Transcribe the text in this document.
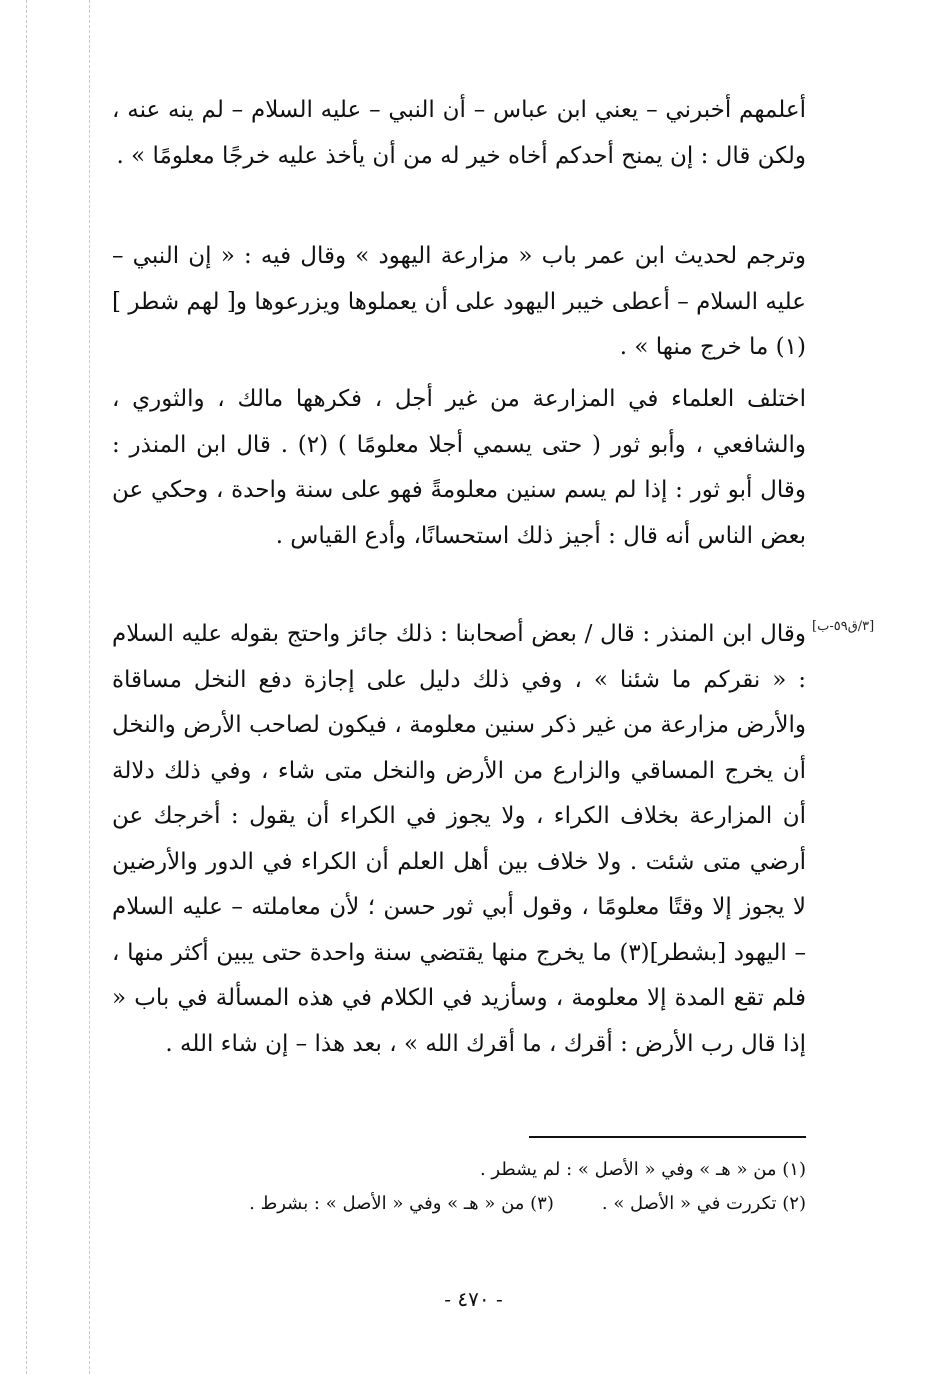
أعلمهم أخبرني – يعني ابن عباس – أن النبي – عليه السلام – لم ينه عنه ، ولكن قال : إن يمنح أحدكم أخاه خير له من أن يأخذ عليه خرجًا معلومًا » .

وترجم لحديث ابن عمر باب « مزارعة اليهود » وقال فيه : « إن النبي – عليه السلام – أعطى خيبر اليهود على أن يعملوها ويزرعوها و[ لهم شطر ] (١) ما خرج منها » .

اختلف العلماء في المزارعة من غير أجل ، فكرهها مالك ، والثوري ، والشافعي ، وأبو ثور ( حتى يسمي أجلا معلومًا ) (٢) . قال ابن المنذر : وقال أبو ثور : إذا لم يسم سنين معلومةً فهو على سنة واحدة ، وحكي عن بعض الناس أنه قال : أجيز ذلك استحسانًا، وأدع القياس .

[٣/ق٥٩-ب]

وقال ابن المنذر : قال / بعض أصحابنا : ذلك جائز واحتج بقوله عليه السلام : « نقركم ما شئنا » ، وفي ذلك دليل على إجازة دفع النخل مساقاة والأرض مزارعة من غير ذكر سنين معلومة ، فيكون لصاحب الأرض والنخل أن يخرج المساقي والزارع من الأرض والنخل متى شاء ، وفي ذلك دلالة أن المزارعة بخلاف الكراء ، ولا يجوز في الكراء أن يقول : أخرجك عن أرضي متى شئت . ولا خلاف بين أهل العلم أن الكراء في الدور والأرضين لا يجوز إلا وقتًا معلومًا ، وقول أبي ثور حسن ؛ لأن معاملته – عليه السلام – اليهود [بشطر](٣) ما يخرج منها يقتضي سنة واحدة حتى يبين أكثر منها ، فلم تقع المدة إلا معلومة ، وسأزيد في الكلام في هذه المسألة في باب « إذا قال رب الأرض : أقرك ، ما أقرك الله » ، بعد هذا – إن شاء الله .

(١) من « هـ » وفي « الأصل » : لم يشطر .
(٢) تكررت في « الأصل » .(٣) من « هـ » وفي « الأصل » : بشرط .
- ٤٧٠ -
